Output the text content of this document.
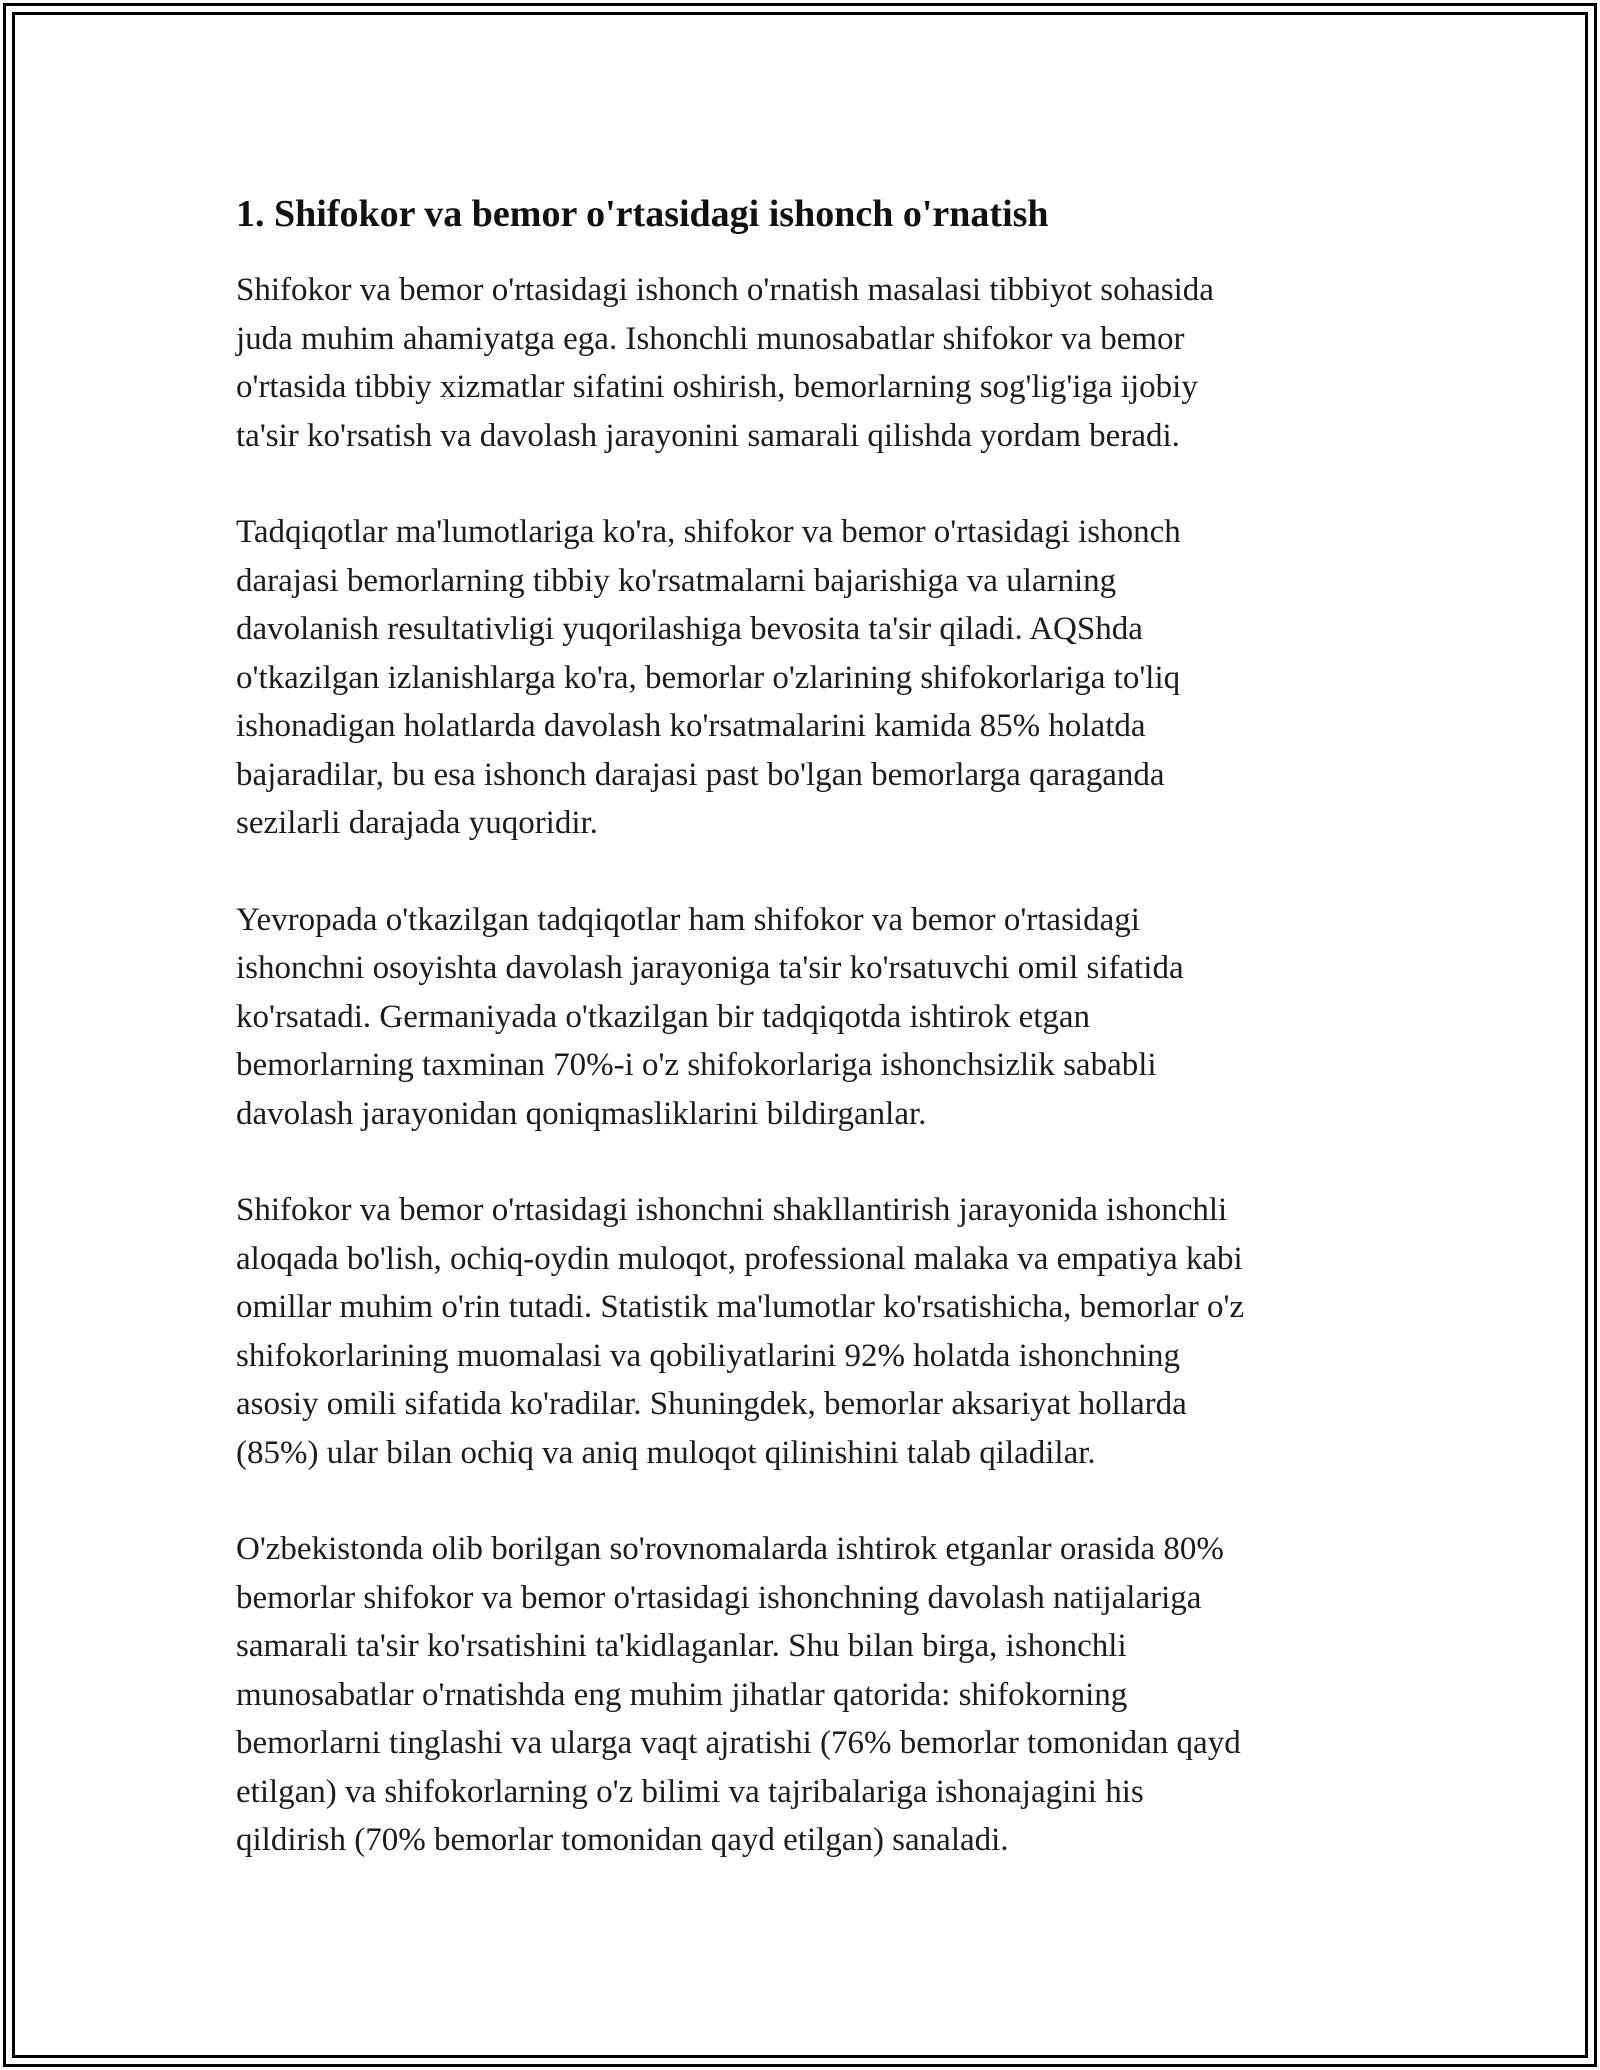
1. Shifokor va bemor o'rtasidagi ishonch o'rnatish
Shifokor va bemor o'rtasidagi ishonch o'rnatish masalasi tibbiyot sohasida
juda muhim ahamiyatga ega. Ishonchli munosabatlar shifokor va bemor
o'rtasida tibbiy xizmatlar sifatini oshirish, bemorlarning sog'lig'iga ijobiy
ta'sir ko'rsatish va davolash jarayonini samarali qilishda yordam beradi.
Tadqiqotlar ma'lumotlariga ko'ra, shifokor va bemor o'rtasidagi ishonch
darajasi bemorlarning tibbiy ko'rsatmalarni bajarishiga va ularning
davolanish resultativligi yuqorilashiga bevosita ta'sir qiladi. AQShda
o'tkazilgan izlanishlarga ko'ra, bemorlar o'zlarining shifokorlariga to'liq
ishonadigan holatlarda davolash ko'rsatmalarini kamida 85% holatda
bajaradilar, bu esa ishonch darajasi past bo'lgan bemorlarga qaraganda
sezilarli darajada yuqoridir.
Yevropada o'tkazilgan tadqiqotlar ham shifokor va bemor o'rtasidagi
ishonchni osoyishta davolash jarayoniga ta'sir ko'rsatuvchi omil sifatida
ko'rsatadi. Germaniyada o'tkazilgan bir tadqiqotda ishtirok etgan
bemorlarning taxminan 70%-i o'z shifokorlariga ishonchsizlik sababli
davolash jarayonidan qoniqmasliklarini bildirganlar.
Shifokor va bemor o'rtasidagi ishonchni shakllantirish jarayonida ishonchli
aloqada bo'lish, ochiq-oydin muloqot, professional malaka va empatiya kabi
omillar muhim o'rin tutadi. Statistik ma'lumotlar ko'rsatishicha, bemorlar o'z
shifokorlarining muomalasi va qobiliyatlarini 92% holatda ishonchning
asosiy omili sifatida ko'radilar. Shuningdek, bemorlar aksariyat hollarda
(85%) ular bilan ochiq va aniq muloqot qilinishini talab qiladilar.
O'zbekistonda olib borilgan so'rovnomalarda ishtirok etganlar orasida 80%
bemorlar shifokor va bemor o'rtasidagi ishonchning davolash natijalariga
samarali ta'sir ko'rsatishini ta'kidlaganlar. Shu bilan birga, ishonchli
munosabatlar o'rnatishda eng muhim jihatlar qatorida: shifokorning
bemorlarni tinglashi va ularga vaqt ajratishi (76% bemorlar tomonidan qayd
etilgan) va shifokorlarning o'z bilimi va tajribalariga ishonajagini his
qildirish (70% bemorlar tomonidan qayd etilgan) sanaladi.
